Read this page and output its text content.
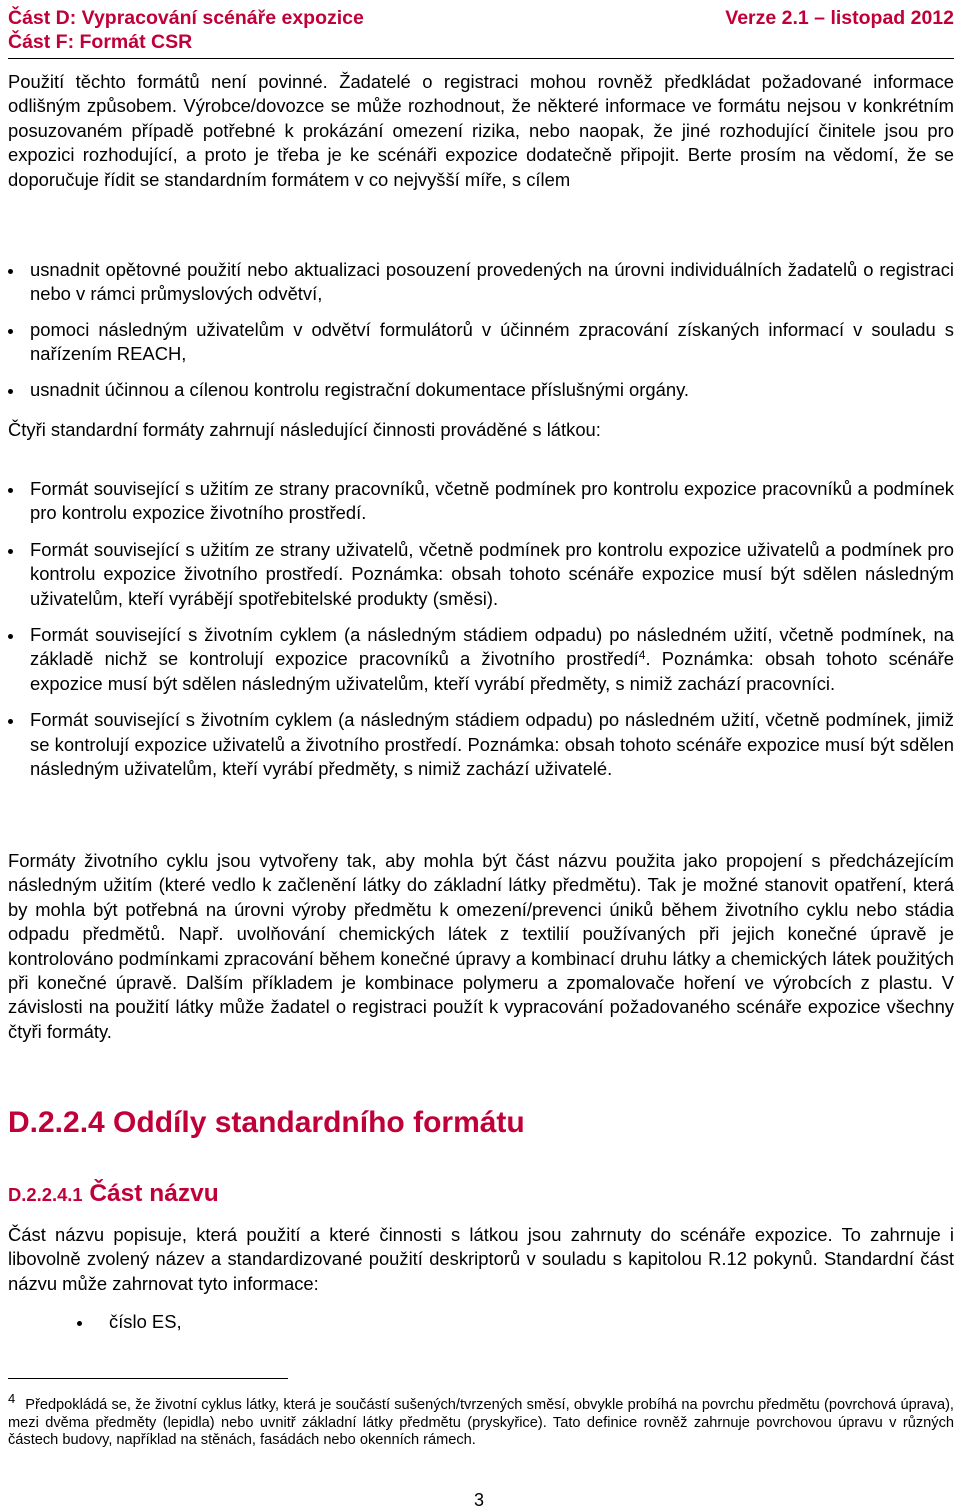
Část D: Vypracování scénáře expozice
Část F: Formát CSR
Verze 2.1 – listopad 2012

Použití těchto formátů není povinné. Žadatelé o registraci mohou rovněž předkládat požadované informace odlišným způsobem. Výrobce/dovozce se může rozhodnout, že některé informace ve formátu nejsou v konkrétním posuzovaném případě potřebné k prokázání omezení rizika, nebo naopak, že jiné rozhodující činitele jsou pro expozici rozhodující, a proto je třeba je ke scénáři expozice dodatečně připojit. Berte prosím na vědomí, že se doporučuje řídit se standardním formátem v co nejvyšší míře, s cílem

usnadnit opětovné použití nebo aktualizaci posouzení provedených na úrovni individuálních žadatelů o registraci nebo v rámci průmyslových odvětví,
pomoci následným uživatelům v odvětví formulátorů v účinném zpracování získaných informací v souladu s nařízením REACH,
usnadnit účinnou a cílenou kontrolu registrační dokumentace příslušnými orgány.

Čtyři standardní formáty zahrnují následující činnosti prováděné s látkou:

Formát související s užitím ze strany pracovníků, včetně podmínek pro kontrolu expozice pracovníků a podmínek pro kontrolu expozice životního prostředí.
Formát související s užitím ze strany uživatelů, včetně podmínek pro kontrolu expozice uživatelů a podmínek pro kontrolu expozice životního prostředí. Poznámka: obsah tohoto scénáře expozice musí být sdělen následným uživatelům, kteří vyrábějí spotřebitelské produkty (směsi).
Formát související s životním cyklem (a následným stádiem odpadu) po následném užití, včetně podmínek, na základě nichž se kontrolují expozice pracovníků a životního prostředí$^4$. Poznámka: obsah tohoto scénáře expozice musí být sdělen následným uživatelům, kteří vyrábí předměty, s nimiž zachází pracovníci.
Formát související s životním cyklem (a následným stádiem odpadu) po následném užití, včetně podmínek, jimiž se kontrolují expozice uživatelů a životního prostředí. Poznámka: obsah tohoto scénáře expozice musí být sdělen následným uživatelům, kteří vyrábí předměty, s nimiž zachází uživatelé.

Formáty životního cyklu jsou vytvořeny tak, aby mohla být část názvu použita jako propojení s předcházejícím následným užitím (které vedlo k začlenění látky do základní látky předmětu). Tak je možné stanovit opatření, která by mohla být potřebná na úrovni výroby předmětu k omezení/prevenci úniků během životního cyklu nebo stádia odpadu předmětů. Např. uvolňování chemických látek z textilií používaných při jejich konečné úpravě je kontrolováno podmínkami zpracování během konečné úpravy a kombinací druhu látky a chemických látek použitých při konečné úpravě. Dalším příkladem je kombinace polymeru a zpomalovače hoření ve výrobcích z plastu. V závislosti na použití látky může žadatel o registraci použít k vypracování požadovaného scénáře expozice všechny čtyři formáty.

D.2.2.4 Oddíly standardního formátu
D.2.2.4.1 Část názvu

Část názvu popisuje, která použití a které činnosti s látkou jsou zahrnuty do scénáře expozice. To zahrnuje i libovolně zvolený název a standardizované použití deskriptorů v souladu s kapitolou R.12 pokynů. Standardní část názvu může zahrnovat tyto informace:

číslo ES,

$^4$ Předpokládá se, že životní cyklus látky, která je součástí sušených/tvrzených směsí, obvykle probíhá na povrchu předmětu (povrchová úprava), mezi dvěma předměty (lepidla) nebo uvnitř základní látky předmětu (pryskyřice). Tato definice rovněž zahrnuje povrchovou úpravu v různých částech budovy, například na stěnách, fasádách nebo okenních rámech.

3
